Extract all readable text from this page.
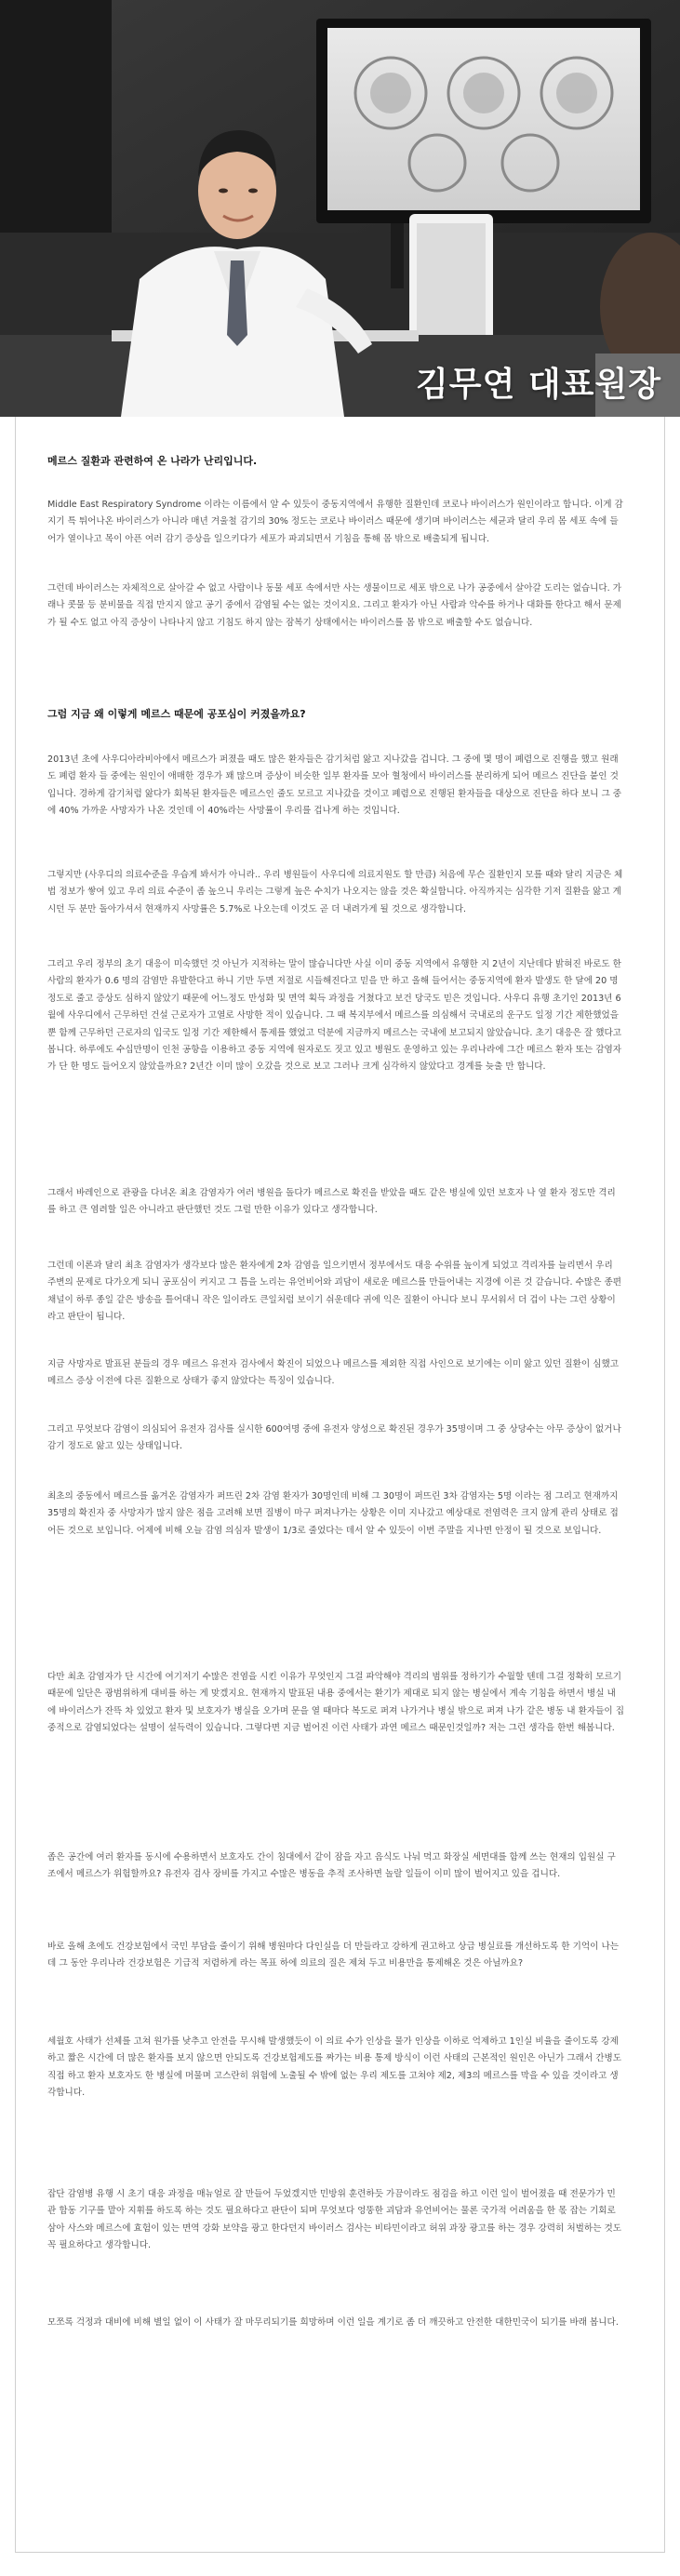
김무연 대표원장
메르스 질환과 관련하여 온 나라가 난리입니다.
Middle East Respiratory Syndrome 이라는 이름에서 알 수 있듯이 중동지역에서 유행한 질환인데 코로나 바이러스가 원인이라고 합니다. 이게 감지기 특 튀어나온 바이러스가 아니라 매년 겨울철 감기의 30% 정도는 코로나 바이러스 때문에 생기며 바이러스는 세균과 달리 우리 몸 세포 속에 들어가 열이나고 목이 아픈 여러 감기 증상을 일으키다가 세포가 파괴되면서 기침을 통해 몸 밖으로 배출되게 됩니다.
그런데 바이러스는 자체적으로 살아갈 수 없고 사람이나 동물 세포 속에서만 사는 생물이므로 세포 밖으로 나가 공중에서 살아갈 도리는 없습니다. 가래나 콧물 등 분비물을 직접 만지지 않고 공기 중에서 감염될 수는 없는 것이지요. 그리고 환자가 아닌 사람과 악수를 하거나 대화를 한다고 해서 문제가 될 수도 없고 아직 증상이 나타나지 않고 기침도 하지 않는 잠복기 상태에서는 바이러스를 몸 밖으로 배출할 수도 없습니다.
그럼 지금 왜 이렇게 메르스 때문에 공포심이 커졌을까요?
2013년 초에 사우디아라비아에서 메르스가 퍼졌을 때도 많은 환자들은 감기처럼 앓고 지나갔을 겁니다. 그 중에 몇 명이 폐렴으로 진행을 했고 원래도 폐렴 환자 들 중에는 원인이 애매한 경우가 꽤 많으며 증상이 비슷한 일부 환자를 모아 혈청에서 바이러스를 분리하게 되어 메르스 진단을 붙인 것입니다. 경하게 감기처럼 앓다가 회복된 환자들은 메르스인 줄도 모르고 지나갔을 것이고 폐렴으로 진행된 환자들을 대상으로 진단을 하다 보니 그 중에 40% 가까운 사망자가 나온 것인데 이 40%라는 사망률이 우리를 겁나게 하는 것입니다.
그렇지만 (사우디의 의료수준을 우습게 봐서가 아니라.. 우리 병원들이 사우디에 의료지원도 할 만큼) 처음에 무슨 질환인지 모를 때와 달리 지금은 체법 정보가 쌓여 있고 우리 의료 수준이 좀 높으니 우리는 그렇게 높은 수치가 나오지는 않을 것은 확실합니다. 아직까지는 심각한 기저 질환을 앓고 계시던 두 분만 돌아가셔서 현재까지 사망률은 5.7%로 나오는데 이것도 곧 더 내려가게 될 것으로 생각합니다.
그리고 우리 정부의 초기 대응이 미숙했던 것 아닌가 지적하는 말이 많습니다만 사실 이미 중동 지역에서 유행한 지 2년이 지난데다 밝혀진 바로도 한 사람의 환자가 0.6 명의 감염만 유발한다고 하니 기만 두면 저절로 시들해진다고 믿을 만 하고 올해 들어서는 중동지역에 환자 발생도 한 달에 20 명 정도로 줄고 증상도 심하지 않았기 때문에 어느정도 만성화 및 면역 획득 과정을 거쳤다고 보건 당국도 믿은 것입니다. 사우디 유행 초기인 2013년 6월에 사우디에서 근무하던 건설 근로자가 고열로 사망한 적이 있습니다. 그 때 복지부에서 메르스를 의심해서 국내로의 운구도 일정 기간 제한했었을 뿐 함께 근무하던 근로자의 입국도 일정 기간 제한해서 통제를 했었고 덕분에 지금까지 메르스는 국내에 보고되지 않았습니다. 초기 대응은 잘 했다고 봅니다. 하루에도 수십만명이 인천 공항을 이용하고 중동 지역에 원자로도 짓고 있고 병원도 운영하고 있는 우리나라에 그간 메르스 환자 또는 감염자가 단 한 명도 들어오지 않았을까요? 2년간 이미 많이 오갔을 것으로 보고 그러나 크게 심각하지 않았다고 경계를 늦출 만 합니다.
그래서 바레인으로 관광을 다녀온 최초 감염자가 여러 병원을 돌다가 메르스로 확진을 받았을 때도 같은 병실에 있던 보호자 나 옆 환자 정도만 격리를 하고 큰 염려할 일은 아니라고 판단했던 것도 그럴 만한 이유가 있다고 생각합니다.
그런데 이론과 달리 최초 감염자가 생각보다 많은 환자에게 2차 감염을 일으키면서 정부에서도 대응 수위를 높이게 되었고 격리자를 늘리면서 우리 주변의 문제로 다가오게 되니 공포심이 커지고 그 틈을 노리는 유언비어와 괴담이 새로운 메르스를 만들어내는 지경에 이른 것 같습니다. 수많은 종편 채널이 하루 종일 같은 방송을 틀어대니 작은 일이라도 큰일처럼 보이기 쉬운데다 귀에 익은 질환이 아니다 보니 무서워서 더 겁이 나는 그런 상황이라고 판단이 됩니다.
지금 사망자로 발표된 분들의 경우 메르스 유전자 검사에서 확진이 되었으나 메르스를 제외한 직접 사인으로 보기에는 이미 앓고 있던 질환이 심했고 메르스 증상 이전에 다른 질환으로 상태가 좋지 않았다는 특징이 있습니다.
그리고 무엇보다 감염이 의심되어 유전자 검사를 실시한 600여명 중에 유전자 양성으로 확진된 경우가 35명이며 그 중 상당수는 아무 증상이 없거나 감기 정도로 앓고 있는 상태입니다.
최초의 중동에서 메르스를 옮겨온 감염자가 퍼뜨린 2차 감염 환자가 30명인데 비해 그 30명이 퍼뜨린 3차 감염자는 5명 이라는 점 그리고 현재까지 35명의 확진자 중 사망자가 많지 않은 점을 고려해 보면 질병이 마구 퍼져나가는 상황은 이미 지나갔고 예상대로 전염력은 크지 않게 관리 상태로 접어든 것으로 보입니다. 어제에 비해 오늘 감염 의심자 발생이 1/3로 줄었다는 데서 알 수 있듯이 이번 주말을 지나면 안정이 될 것으로 보입니다.
다만 최초 감염자가 단 시간에 여기저기 수많은 전염을 시킨 이유가 무엇인지 그걸 파악해야 격리의 범위를 정하기가 수월할 텐데 그걸 정확히 모르기 때문에 일단은 광범위하게 대비를 하는 게 맞겠지요. 현재까지 발표된 내용 중에서는 환기가 제대로 되지 않는 병실에서 계속 기침을 하면서 병실 내에 바이러스가 잔뜩 차 있었고 환자 및 보호자가 병실을 오가며 문을 열 때마다 복도로 퍼져 나가거나 병실 밖으로 퍼져 나가 같은 병동 내 환자들이 집중적으로 감염되었다는 설명이 설득력이 있습니다. 그렇다면 지금 벌어진 이런 사태가 과연 메르스 때문인것일까? 저는 그런 생각을 한번 해봅니다.
좁은 공간에 여러 환자를 동시에 수용하면서 보호자도 간이 침대에서 같이 잠을 자고 음식도 나눠 먹고 화장실 세면대를 함께 쓰는 현재의 입원실 구조에서 메르스가 위험할까요? 유전자 검사 장비를 가지고 수많은 병동을 추적 조사하면 놀랄 일들이 이미 많이 벌어지고 있을 겁니다.
바로 올해 초에도 건강보험에서 국민 부담을 줄이기 위해 병원마다 다인실을 더 만들라고 강하게 권고하고 상급 병실료를 개선하도록 한 기억이 나는데 그 동안 우리나라 건강보험은 기급적 저렴하게 라는 목표 하에 의료의 질은 제쳐 두고 비용만을 통제해온 것은 아닐까요?
세월호 사태가 선체를 고쳐 원가를 낮추고 안전을 무시해 발생했듯이 이 의료 수가 인상을 물가 인상을 이하로 억제하고 1인실 비율을 줄이도록 강제하고 짧은 시간에 더 많은 환자를 보지 않으면 안되도록 건강보험제도를 짜가는 비용 통제 방식이 이런 사태의 근본적인 원인은 아닌가 그래서 간병도 직접 하고 환자 보호자도 한 병실에 머물며 고스란히 위험에 노출될 수 밖에 없는 우리 제도를 고쳐야 제2, 제3의 메르스를 막을 수 있을 것이라고 생각합니다.
잡단 감염병 유행 시 초기 대응 과정을 매뉴얼로 잘 만들어 두었겠지만 민방위 훈련하듯 가끔이라도 점검을 하고 이런 일이 벌어졌을 때 전문가가 민관 합동 기구를 맡아 지휘를 하도록 하는 것도 필요하다고 판단이 되며 무엇보다 엉뚱한 괴담과 유언비어는 물론 국가적 어려움을 한 몫 잡는 기회로 삼아 사스와 메르스에 효험이 있는 면역 강화 보약을 광고 한다던지 바이러스 검사는 비타민이라고 허위 과장 광고를 하는 경우 강력히 처벌하는 것도 꼭 필요하다고 생각합니다.
모쪼록 걱정과 대비에 비해 별일 없이 이 사태가 잘 마무리되기를 희망하며 이런 일을 계기로 좀 더 깨끗하고 안전한 대한민국이 되기를 바래 봅니다.
